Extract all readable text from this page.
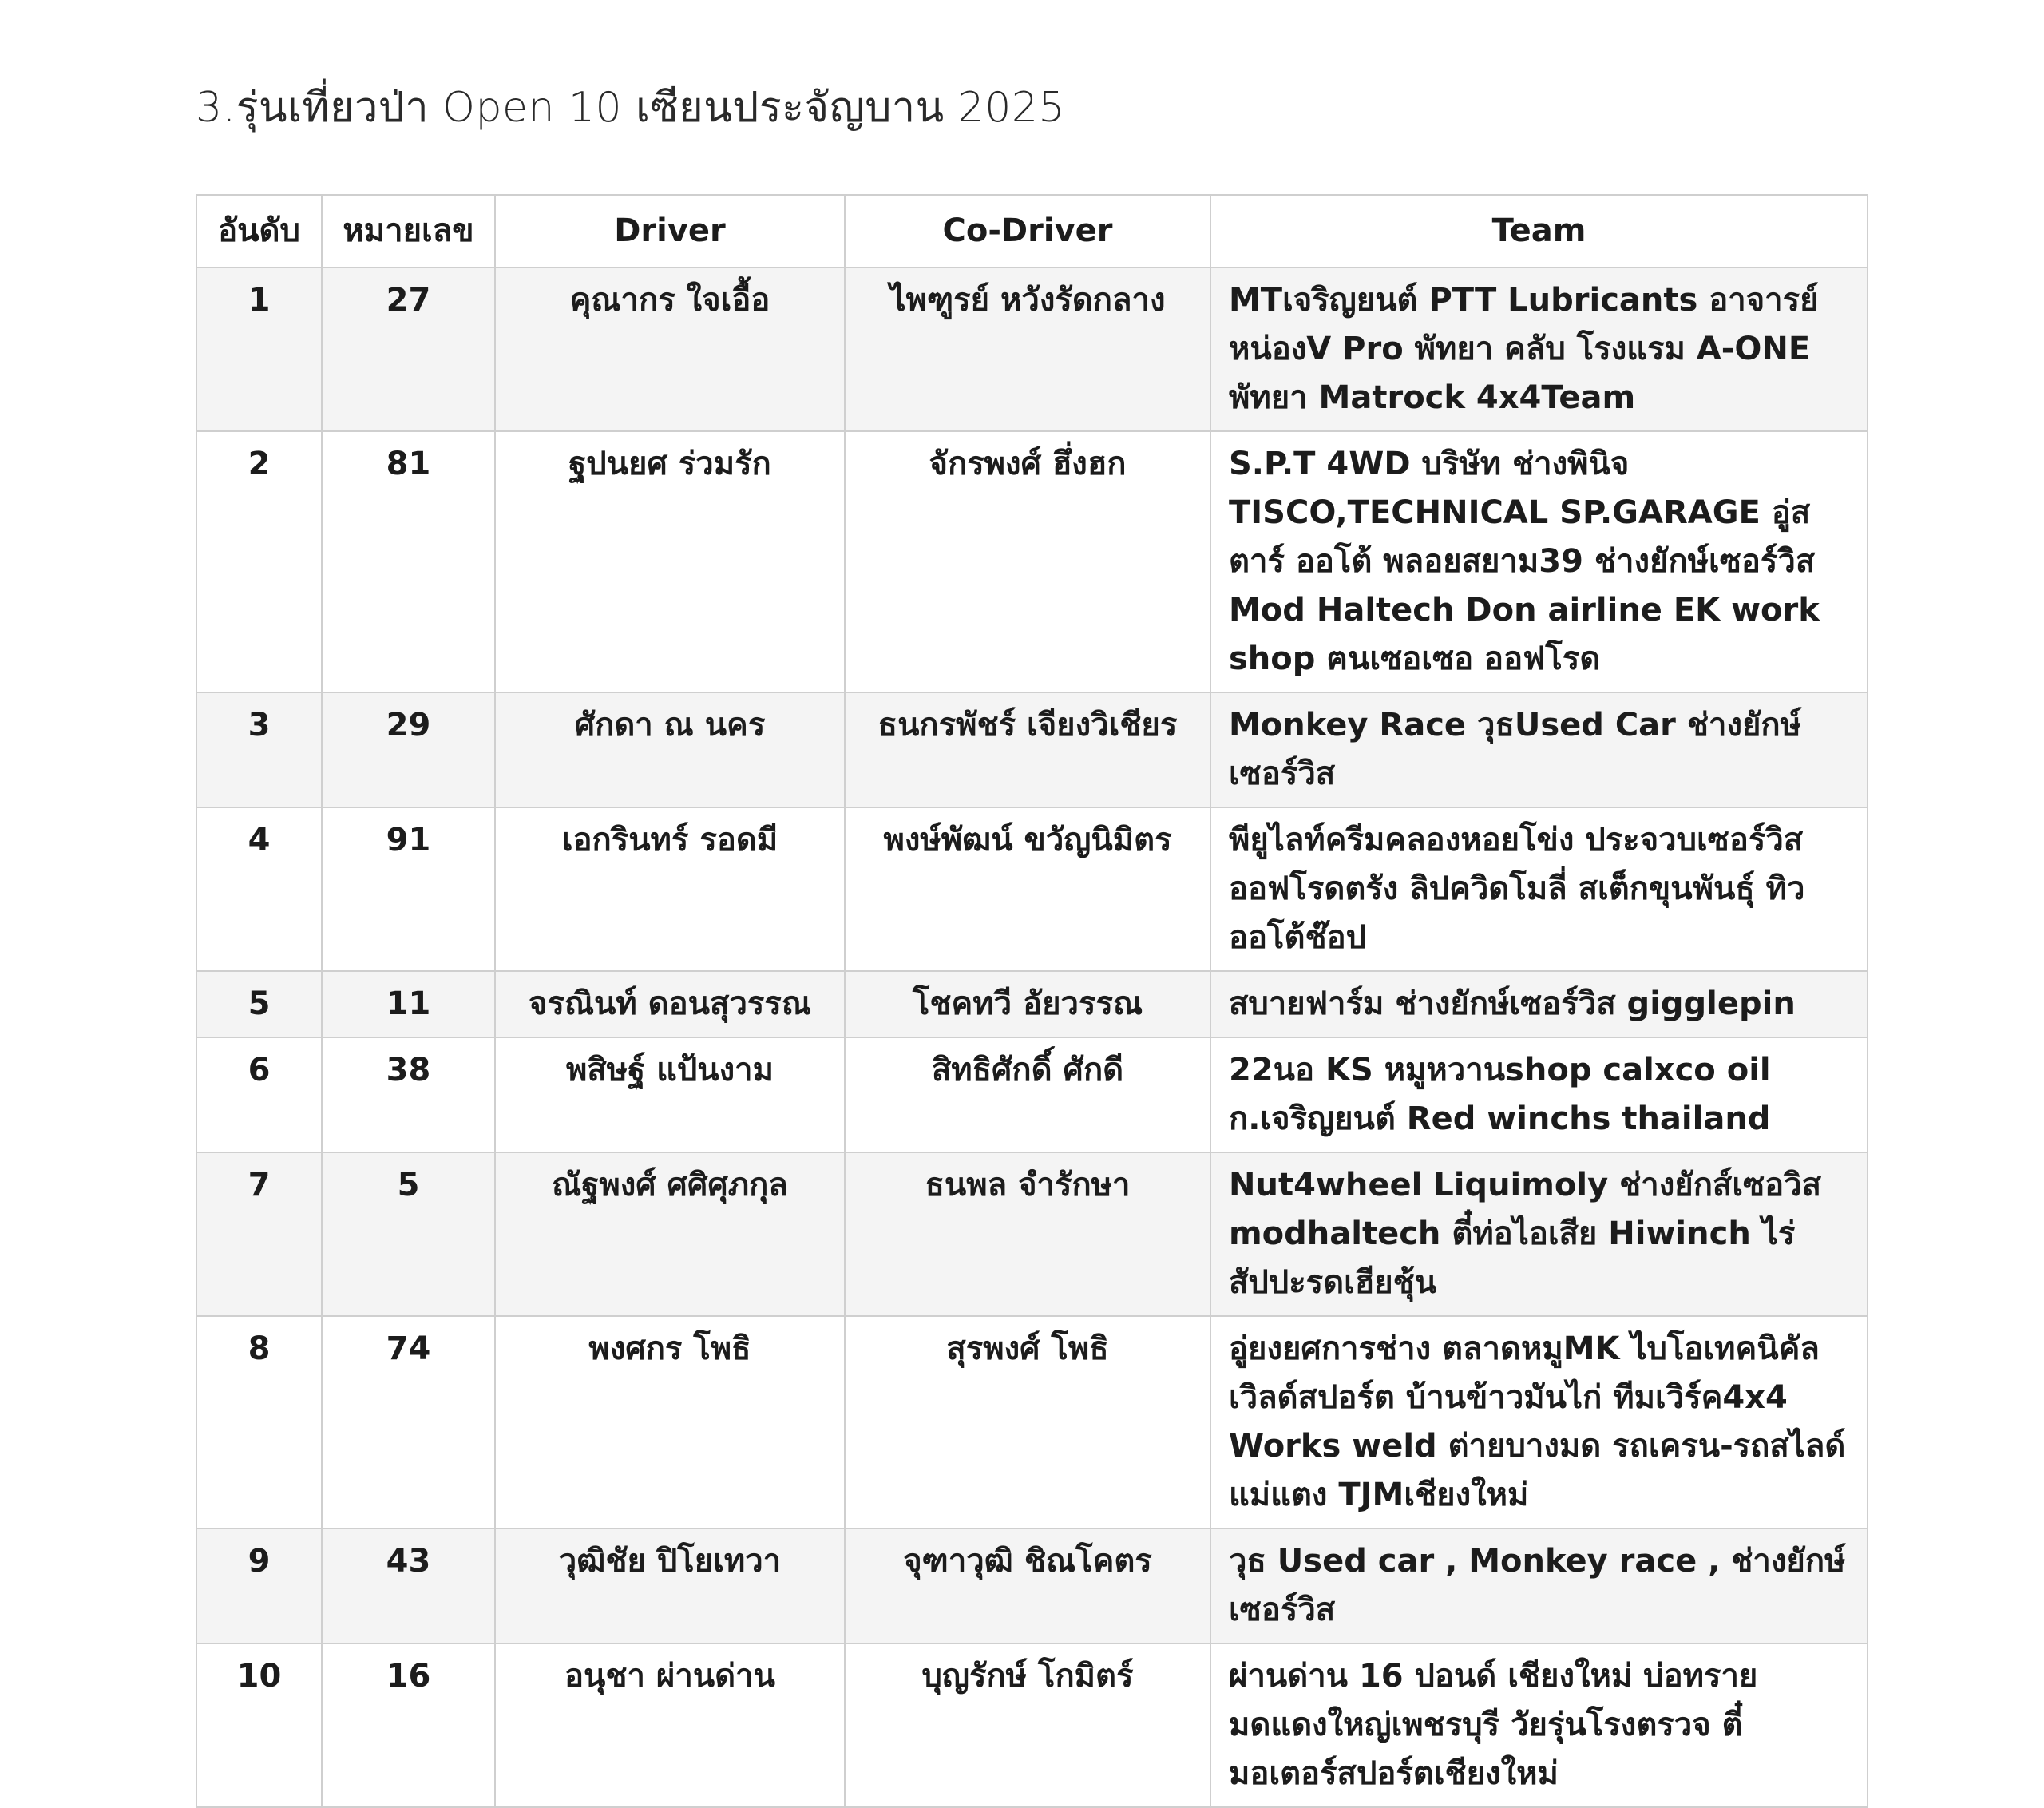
3.รุ่นเที่ยวป่า Open 10 เซียนประจัญบาน 2025
อันดับ	หมายเลข	Driver	Co-Driver	Team
1	27	คุณากร ใจเอื้อ	ไพฑูรย์ หวังรัดกลาง	MTเจริญยนต์ PTT Lubricants อาจารย์หน่องV Pro พัทยา คลับ โรงแรม A-ONE พัทยา Matrock 4x4Team
2	81	ฐปนยศ ร่วมรัก	จักรพงศ์ ฮึ่งฮก	S.P.T 4WD บริษัท ช่างพินิจ TISCO,TECHNICAL SP.GARAGE อู่สตาร์ ออโต้ พลอยสยาม39 ช่างยักษ์เซอร์วิส Mod Haltech Don airline EK work shop ฅนเซอเซอ ออฟโรด
3	29	ศักดา ณ นคร	ธนกรพัชร์ เจียงวิเชียร	Monkey Race วุธUsed Car ช่างยักษ์เซอร์วิส
4	91	เอกรินทร์ รอดมี	พงษ์พัฒน์ ขวัญนิมิตร	พียูไลท์ครีมคลองหอยโข่ง ประจวบเซอร์วิส ออฟโรดตรัง ลิปควิดโมลี่ สเต็กขุนพันธุ์ ทิว ออโต้ช๊อป
5	11	จรณินท์ ดอนสุวรรณ	โชคทวี อัยวรรณ	สบายฟาร์ม ช่างยักษ์เซอร์วิส gigglepin
6	38	พสิษฐ์ แป้นงาม	สิทธิศักดิ์ ศักดี	22นอ KS หมูหวานshop calxco oil ก.เจริญยนต์ Red winchs thailand
7	5	ณัฐพงศ์ ศศิศุภกุล	ธนพล จำรักษา	Nut4wheel Liquimoly ช่างยักส์เซอวิส modhaltech ตี๋ท่อไอเสีย Hiwinch ไร่สัปปะรดเฮียชุ้น
8	74	พงศกร โพธิ	สุรพงศ์ โพธิ	อู่ยงยศการช่าง ตลาดหมูMK ไบโอเทคนิคัล เวิลด์สปอร์ต บ้านข้าวมันไก่ ทีมเวิร์ค4x4 Works weld ต่ายบางมด รถเครน-รถสไลด์แม่แตง TJMเชียงใหม่
9	43	วุฒิชัย ปิโยเทวา	จุฑาวุฒิ ชิณโคตร	วุธ Used car , Monkey race , ช่างยักษ์เซอร์วิส
10	16	อนุชา ผ่านด่าน	บุญรักษ์ โกมิตร์	ผ่านด่าน 16 ปอนด์ เชียงใหม่ บ่อทรายมดแดงใหญ่เพชรบุรี วัยรุ่นโรงตรวจ ตี๋มอเตอร์สปอร์ตเชียงใหม่
